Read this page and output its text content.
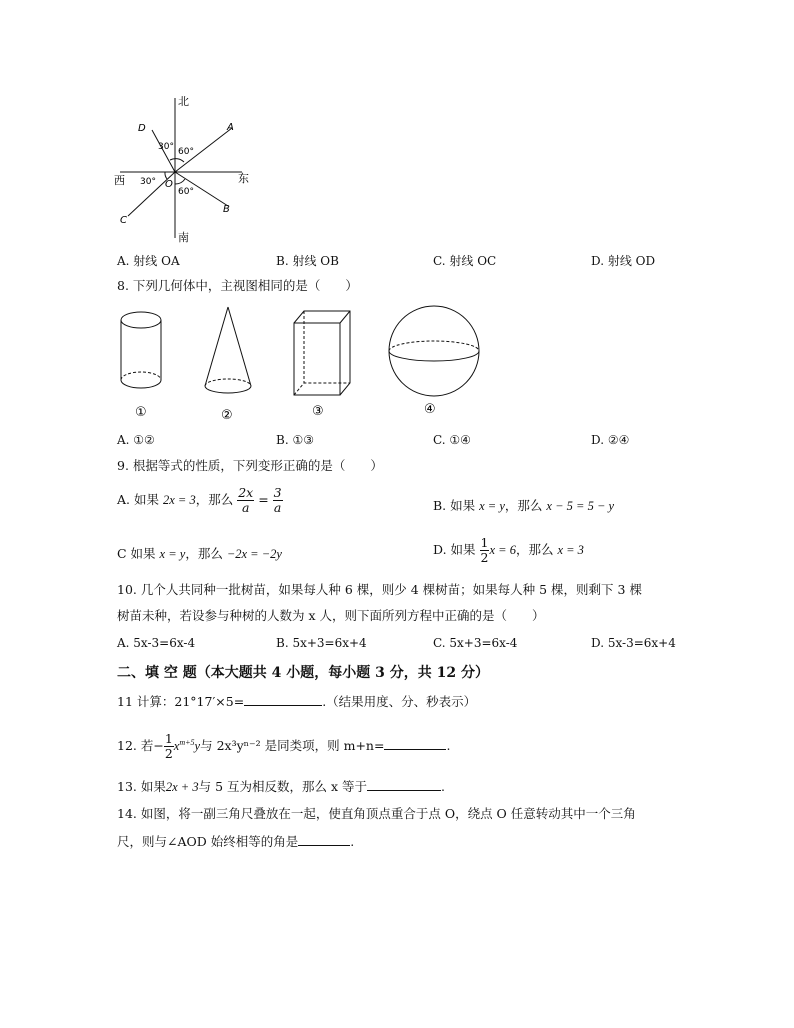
北
南
东
西
A
B
C
D
O
30° 60°
30°
60°
A. 射线 OA	B. 射线 OB	C. 射线 OC	D. 射线 OD
8. 下列几何体中，主视图相同的是（　　）
①	②	③	④
A. ①②	B. ①③	C. ①④	D. ②④
9. 根据等式的性质，下列变形正确的是（　　）
A. 如果 2x = 3，那么 $\frac{2x}{a} = \frac{3}{a}$	B. 如果 x = y，那么 x − 5 = 5 − y
C 如果 x = y，那么 −2x = −2y	D. 如果 $\frac{1}{2}$ x = 6，那么 x = 3
10. 几个人共同种一批树苗，如果每人种 6 棵，则少 4 棵树苗；如果每人种 5 棵，则剩下 3 棵
树苗未种，若设参与种树的人数为 x 人，则下面所列方程中正确的是（　　）
A. 5x-3=6x-4	B. 5x+3=6x+4	C. 5x+3=6x-4	D. 5x-3=6x+4
二、填 空 题（本大题共 4 小题，每小题 3 分，共 12 分）
11 计算：21°17′×5=	.（结果用度、分、秒表示）
12. 若− $\frac{1}{2} x^{m+5}y$与 2x³yⁿ⁻² 是同类项，则 m+n=	.
13. 如果2x + 3与 5 互为相反数，那么 x 等于	.
14. 如图，将一副三角尺叠放在一起，使直角顶点重合于点 O，绕点 O 任意转动其中一个三角
尺，则与∠AOD 始终相等的角是	.
